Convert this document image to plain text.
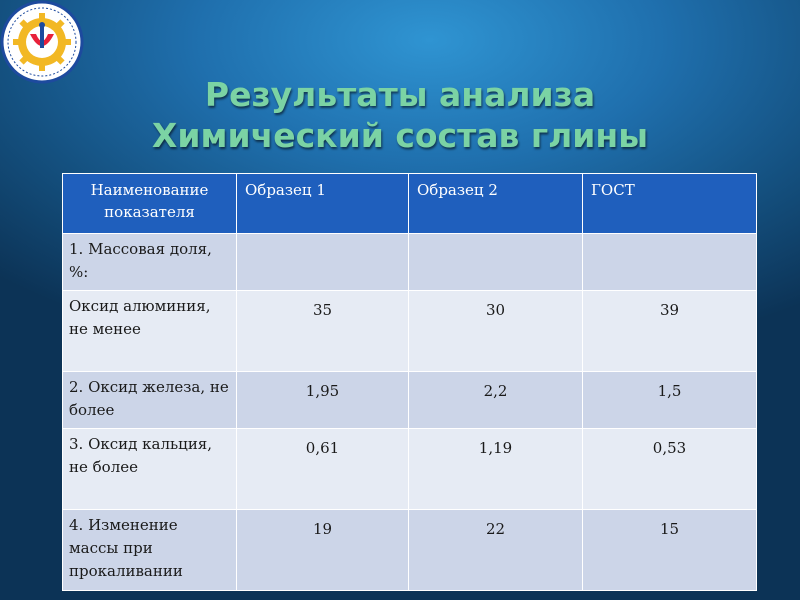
Результаты анализа
Химический состав глины
Наименование показателя	Образец 1	Образец 2	ГОСТ
1. Массовая доля, %:			
Оксид алюминия, не менее	35	30	39
2. Оксид железа, не более	1,95	2,2	1,5
3. Оксид кальция, не более	0,61	1,19	0,53
4. Изменение массы при прокаливании	19	22	15
